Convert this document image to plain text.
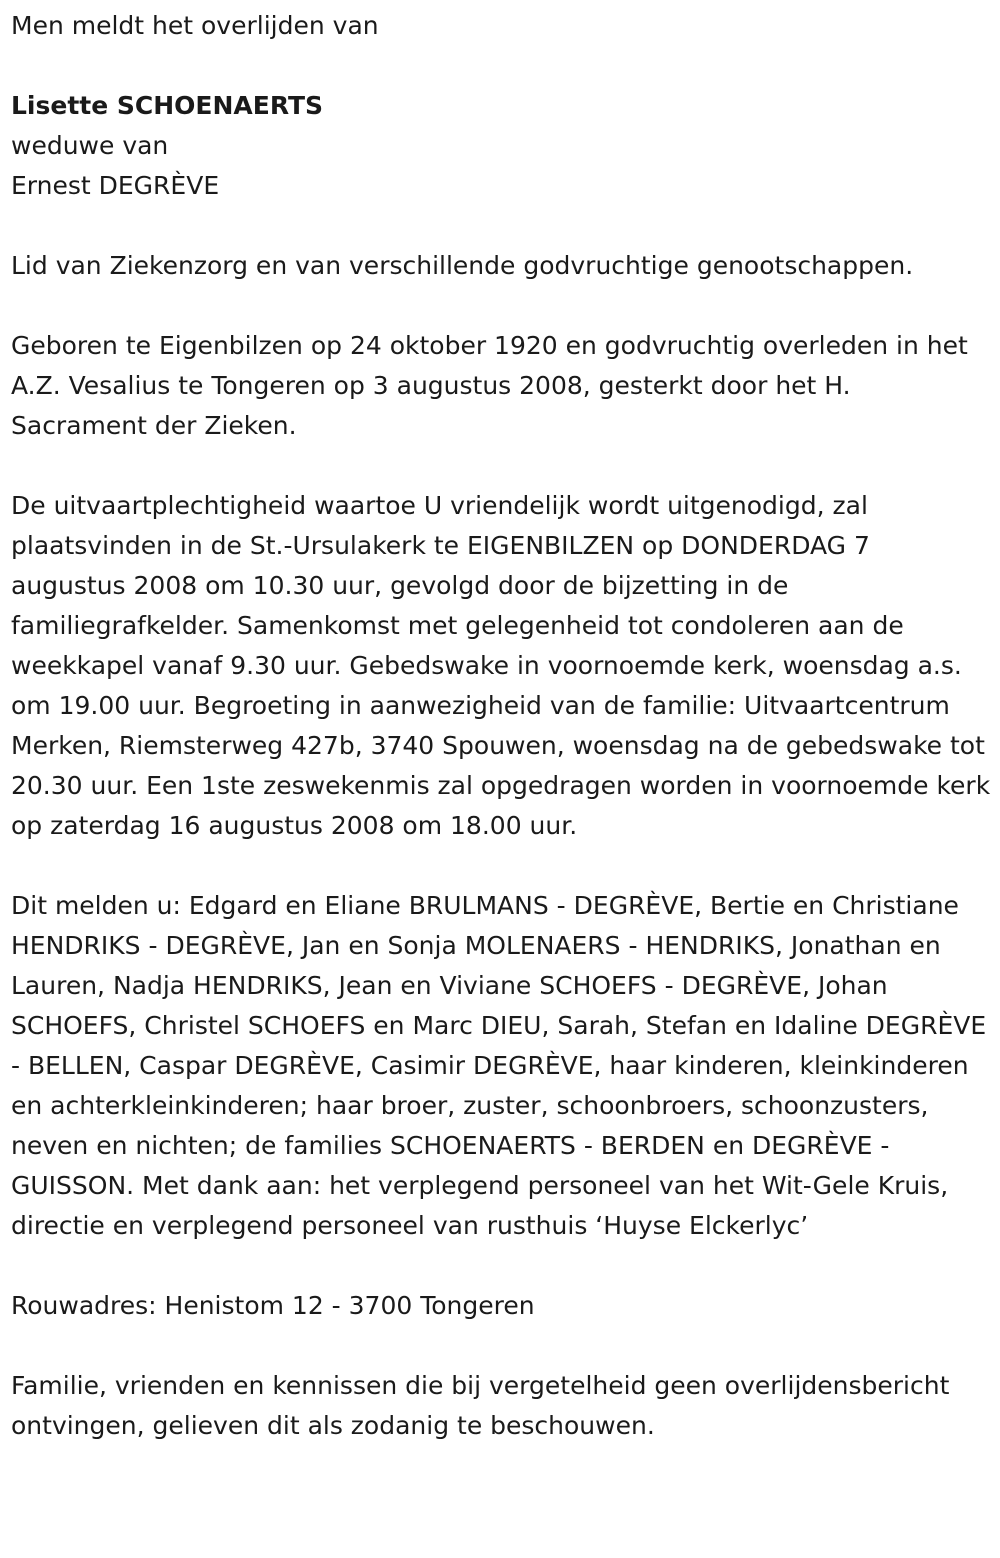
Men meldt het overlijden van

Lisette SCHOENAERTS

weduwe van

Ernest DEGRÈVE

Lid van Ziekenzorg en van verschillende godvruchtige genootschappen.

Geboren te Eigenbilzen op 24 oktober 1920 en godvruchtig overleden in het A.Z. Vesalius te Tongeren op 3 augustus 2008, gesterkt door het H. Sacrament der Zieken.

De uitvaartplechtigheid waartoe U vriendelijk wordt uitgenodigd, zal plaatsvinden in de St.-Ursulakerk te EIGENBILZEN op DONDERDAG 7 augustus 2008 om 10.30 uur, gevolgd door de bijzetting in de familiegrafkelder. Samenkomst met gelegenheid tot condoleren aan de weekkapel vanaf 9.30 uur. Gebedswake in voornoemde kerk, woensdag a.s. om 19.00 uur. Begroeting in aanwezigheid van de familie: Uitvaartcentrum Merken, Riemsterweg 427b, 3740 Spouwen, woensdag na de gebedswake tot 20.30 uur. Een 1ste zeswekenmis zal opgedragen worden in voornoemde kerk op zaterdag 16 augustus 2008 om 18.00 uur.

Dit melden u: Edgard en Eliane BRULMANS - DEGRÈVE, Bertie en Christiane HENDRIKS - DEGRÈVE, Jan en Sonja MOLENAERS - HENDRIKS, Jonathan en Lauren, Nadja HENDRIKS, Jean en Viviane SCHOEFS - DEGRÈVE, Johan SCHOEFS, Christel SCHOEFS en Marc DIEU, Sarah, Stefan en Idaline DEGRÈVE - BELLEN, Caspar DEGRÈVE, Casimir DEGRÈVE, haar kinderen, kleinkinderen en achterkleinkinderen; haar broer, zuster, schoonbroers, schoonzusters, neven en nichten; de families SCHOENAERTS - BERDEN en DEGRÈVE - GUISSON. Met dank aan: het verplegend personeel van het Wit-Gele Kruis, directie en verplegend personeel van rusthuis ‘Huyse Elckerlyc’

Rouwadres: Henistom 12 - 3700 Tongeren

Familie, vrienden en kennissen die bij vergetelheid geen overlijdensbericht ontvingen, gelieven dit als zodanig te beschouwen.
